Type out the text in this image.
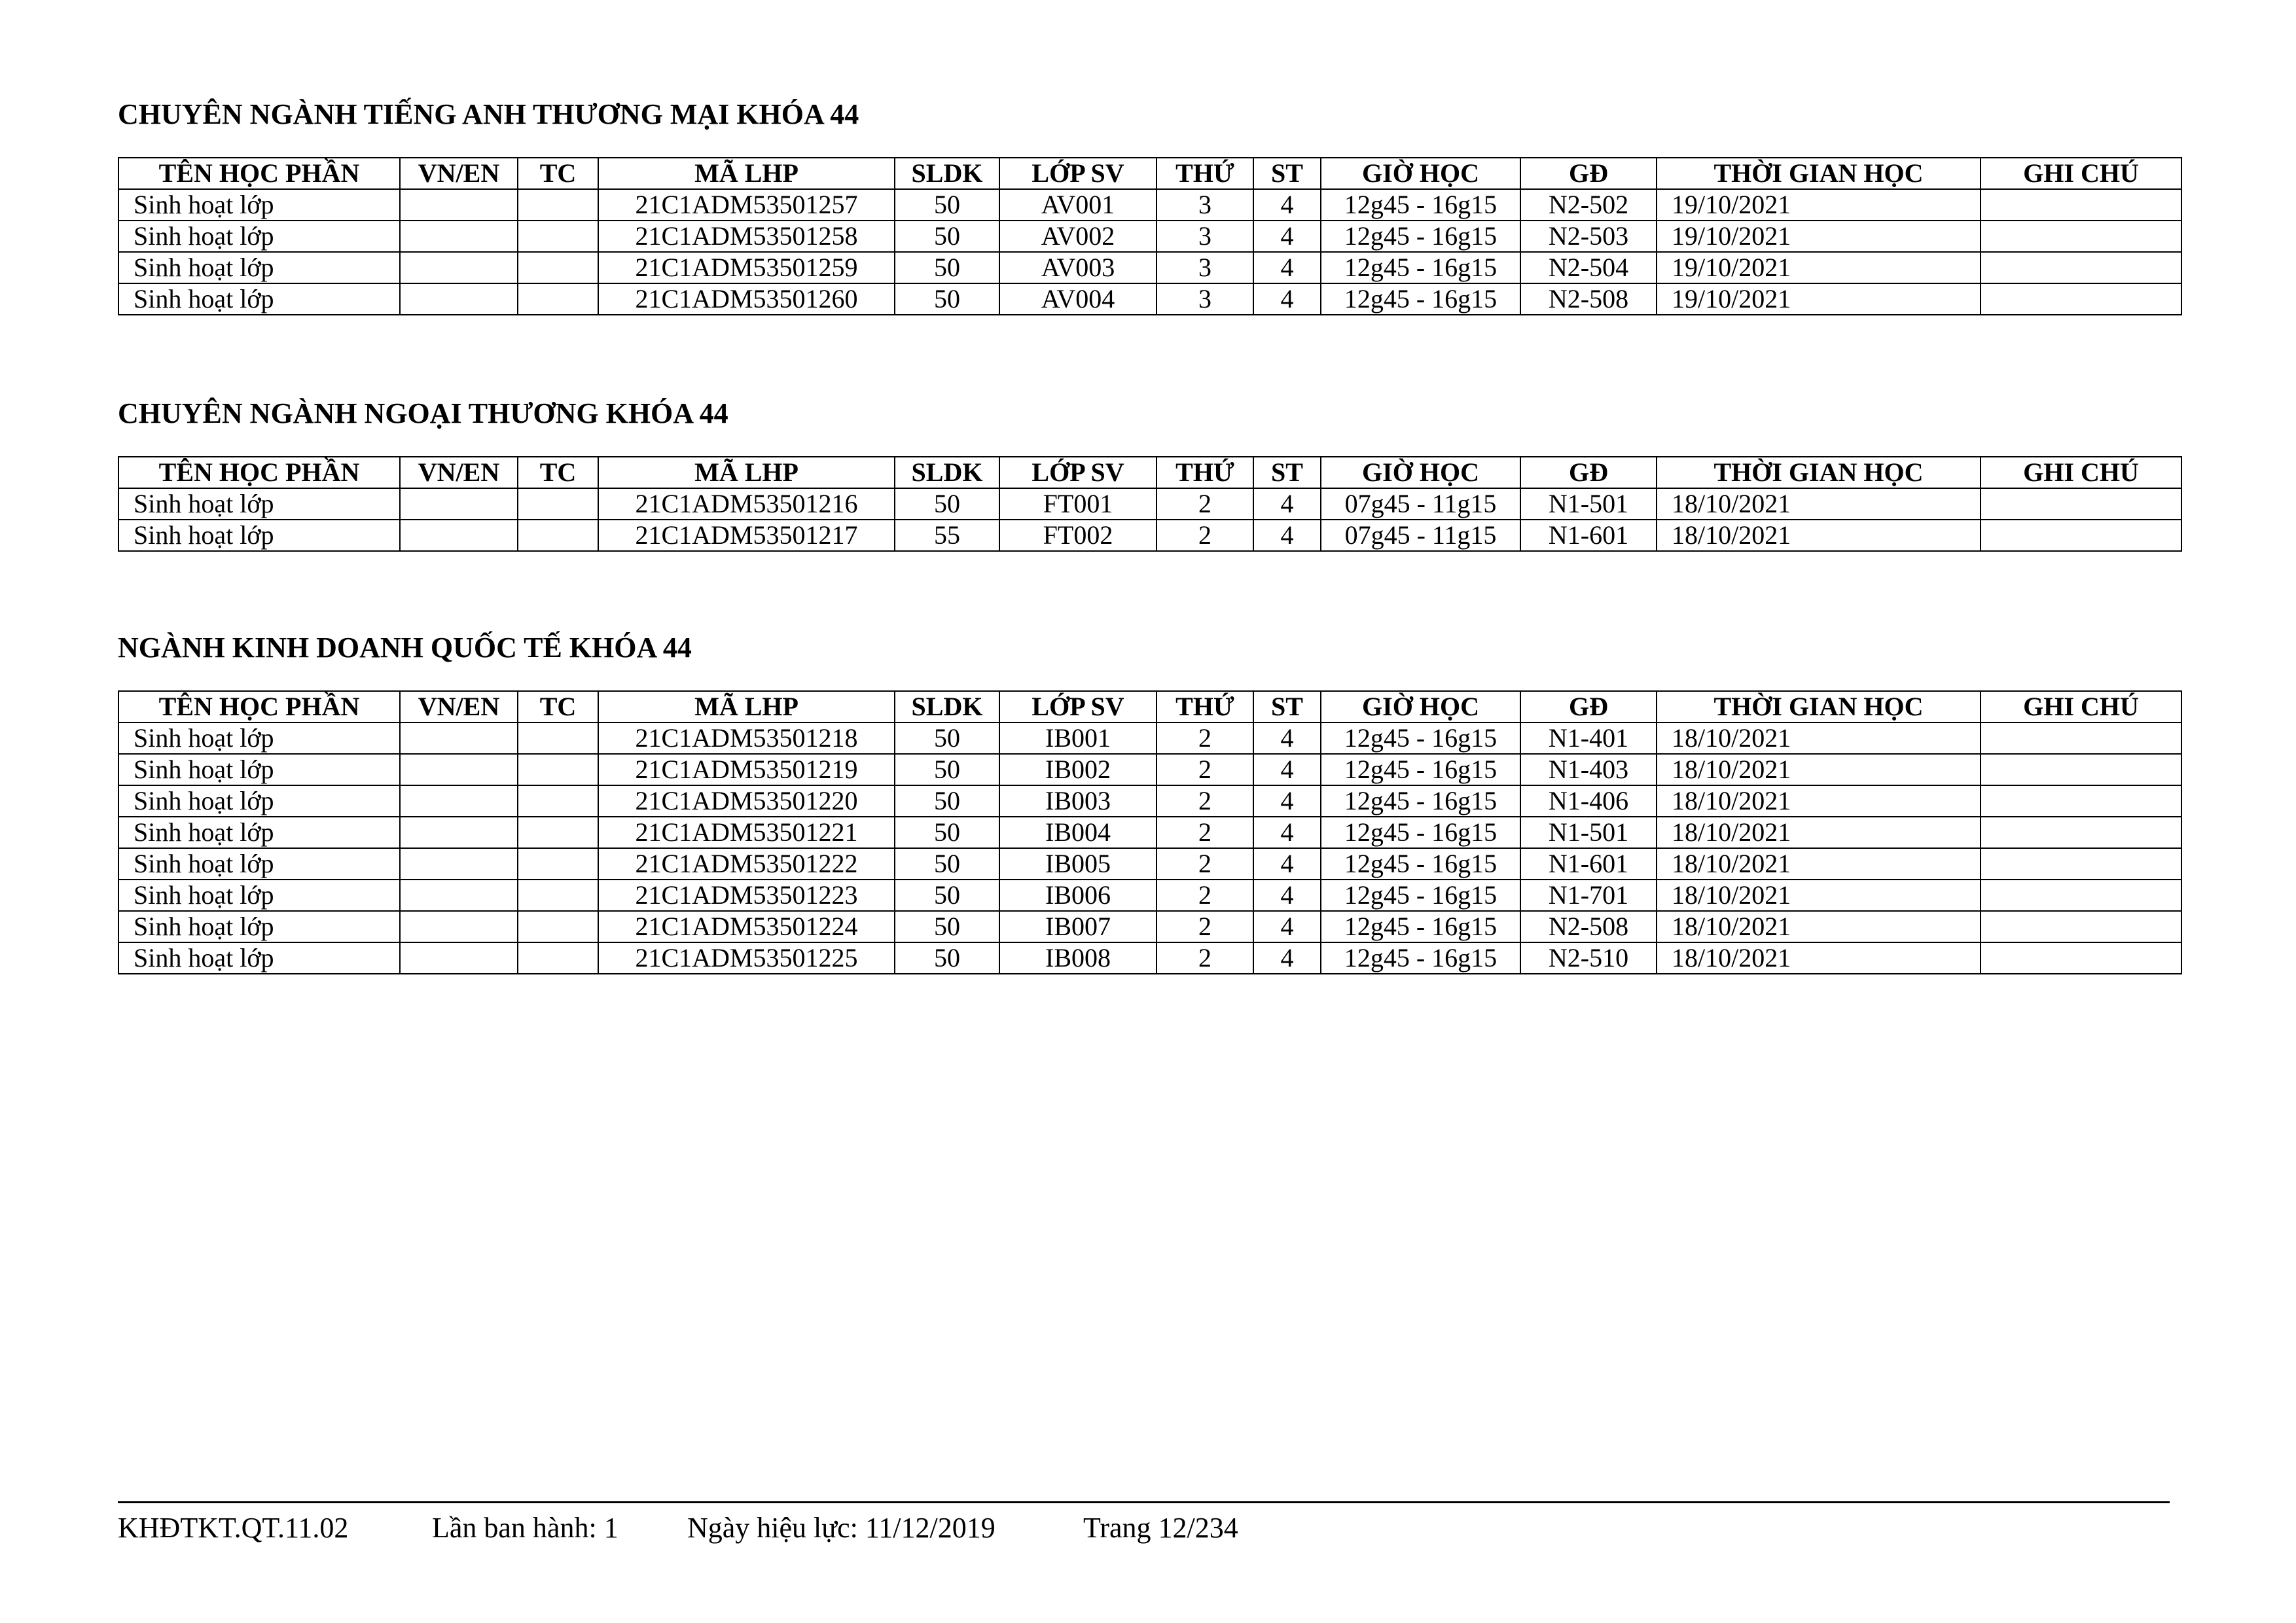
CHUYÊN NGÀNH TIẾNG ANH THƯƠNG MẠI KHÓA 44
TÊN HỌC PHẦN	VN/EN	TC	MÃ LHP	SLDK	LỚP SV	THỨ	ST	GIỜ HỌC	GĐ	THỜI GIAN HỌC	GHI CHÚ
Sinh hoạt lớp			21C1ADM53501257	50	AV001	3	4	12g45 - 16g15	N2-502	19/10/2021	
Sinh hoạt lớp			21C1ADM53501258	50	AV002	3	4	12g45 - 16g15	N2-503	19/10/2021	
Sinh hoạt lớp			21C1ADM53501259	50	AV003	3	4	12g45 - 16g15	N2-504	19/10/2021	
Sinh hoạt lớp			21C1ADM53501260	50	AV004	3	4	12g45 - 16g15	N2-508	19/10/2021	
CHUYÊN NGÀNH NGOẠI THƯƠNG KHÓA 44
TÊN HỌC PHẦN	VN/EN	TC	MÃ LHP	SLDK	LỚP SV	THỨ	ST	GIỜ HỌC	GĐ	THỜI GIAN HỌC	GHI CHÚ
Sinh hoạt lớp			21C1ADM53501216	50	FT001	2	4	07g45 - 11g15	N1-501	18/10/2021	
Sinh hoạt lớp			21C1ADM53501217	55	FT002	2	4	07g45 - 11g15	N1-601	18/10/2021	
NGÀNH KINH DOANH QUỐC TẾ KHÓA 44
TÊN HỌC PHẦN	VN/EN	TC	MÃ LHP	SLDK	LỚP SV	THỨ	ST	GIỜ HỌC	GĐ	THỜI GIAN HỌC	GHI CHÚ
Sinh hoạt lớp			21C1ADM53501218	50	IB001	2	4	12g45 - 16g15	N1-401	18/10/2021	
Sinh hoạt lớp			21C1ADM53501219	50	IB002	2	4	12g45 - 16g15	N1-403	18/10/2021	
Sinh hoạt lớp			21C1ADM53501220	50	IB003	2	4	12g45 - 16g15	N1-406	18/10/2021	
Sinh hoạt lớp			21C1ADM53501221	50	IB004	2	4	12g45 - 16g15	N1-501	18/10/2021	
Sinh hoạt lớp			21C1ADM53501222	50	IB005	2	4	12g45 - 16g15	N1-601	18/10/2021	
Sinh hoạt lớp			21C1ADM53501223	50	IB006	2	4	12g45 - 16g15	N1-701	18/10/2021	
Sinh hoạt lớp			21C1ADM53501224	50	IB007	2	4	12g45 - 16g15	N2-508	18/10/2021	
Sinh hoạt lớp			21C1ADM53501225	50	IB008	2	4	12g45 - 16g15	N2-510	18/10/2021	
KHĐTKT.QT.11.02	Lần ban hành: 1 Ngày hiệu lực: 11/12/2019	Trang 12/234
